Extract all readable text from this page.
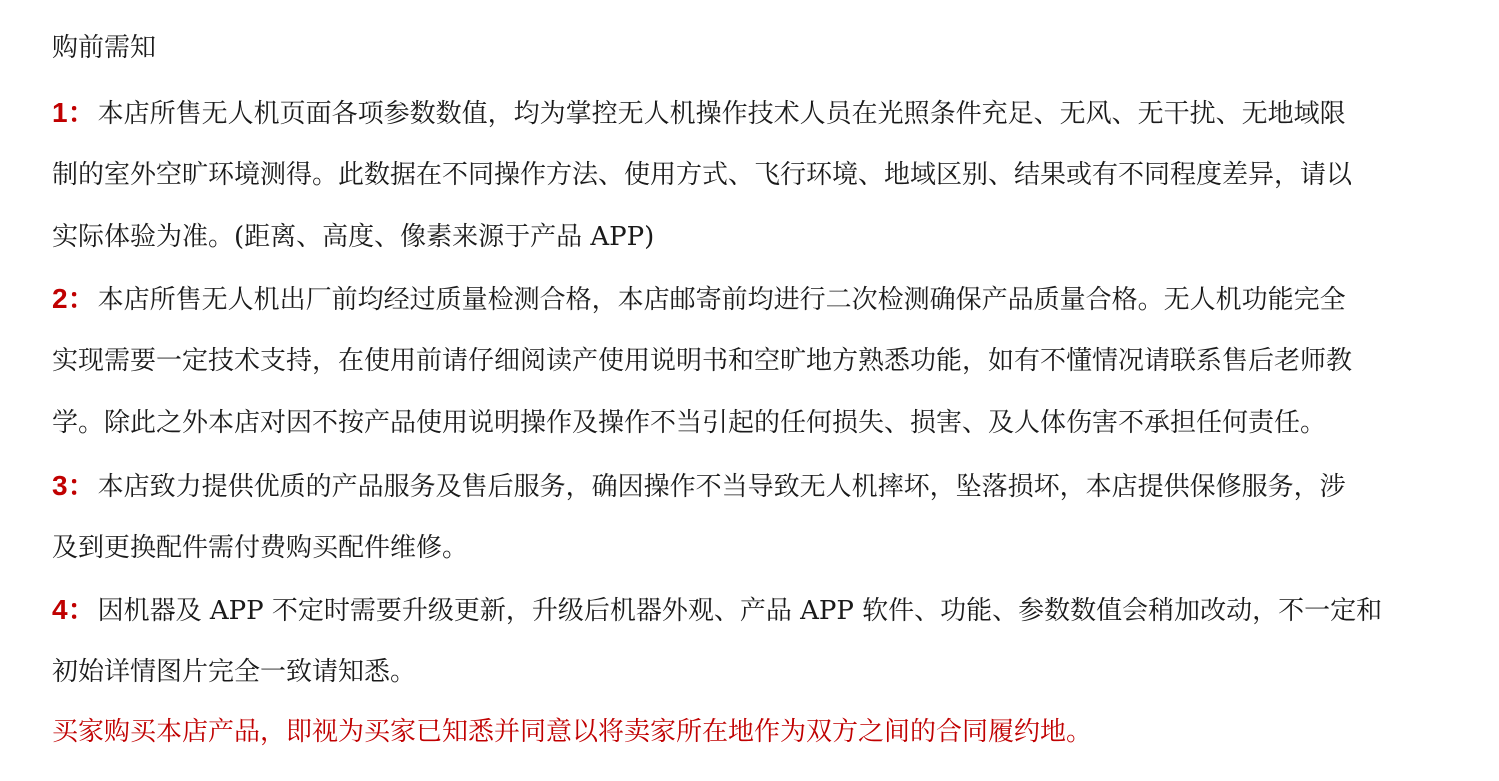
购前需知
1：本店所售无人机页面各项参数数值，均为掌控无人机操作技术人员在光照条件充足、无风、无干扰、无地域限
制的室外空旷环境测得。此数据在不同操作方法、使用方式、飞行环境、地域区别、结果或有不同程度差异，请以
实际体验为准。(距离、高度、像素来源于产品 APP)
2：本店所售无人机出厂前均经过质量检测合格，本店邮寄前均进行二次检测确保产品质量合格。无人机功能完全
实现需要一定技术支持，在使用前请仔细阅读产使用说明书和空旷地方熟悉功能，如有不懂情况请联系售后老师教
学。除此之外本店对因不按产品使用说明操作及操作不当引起的任何损失、损害、及人体伤害不承担任何责任。
3：本店致力提供优质的产品服务及售后服务，确因操作不当导致无人机摔坏，坠落损坏，本店提供保修服务，涉
及到更换配件需付费购买配件维修。
4：因机器及 APP 不定时需要升级更新，升级后机器外观、产品 APP 软件、功能、参数数值会稍加改动，不一定和
初始详情图片完全一致请知悉。
买家购买本店产品，即视为买家已知悉并同意以将卖家所在地作为双方之间的合同履约地。
